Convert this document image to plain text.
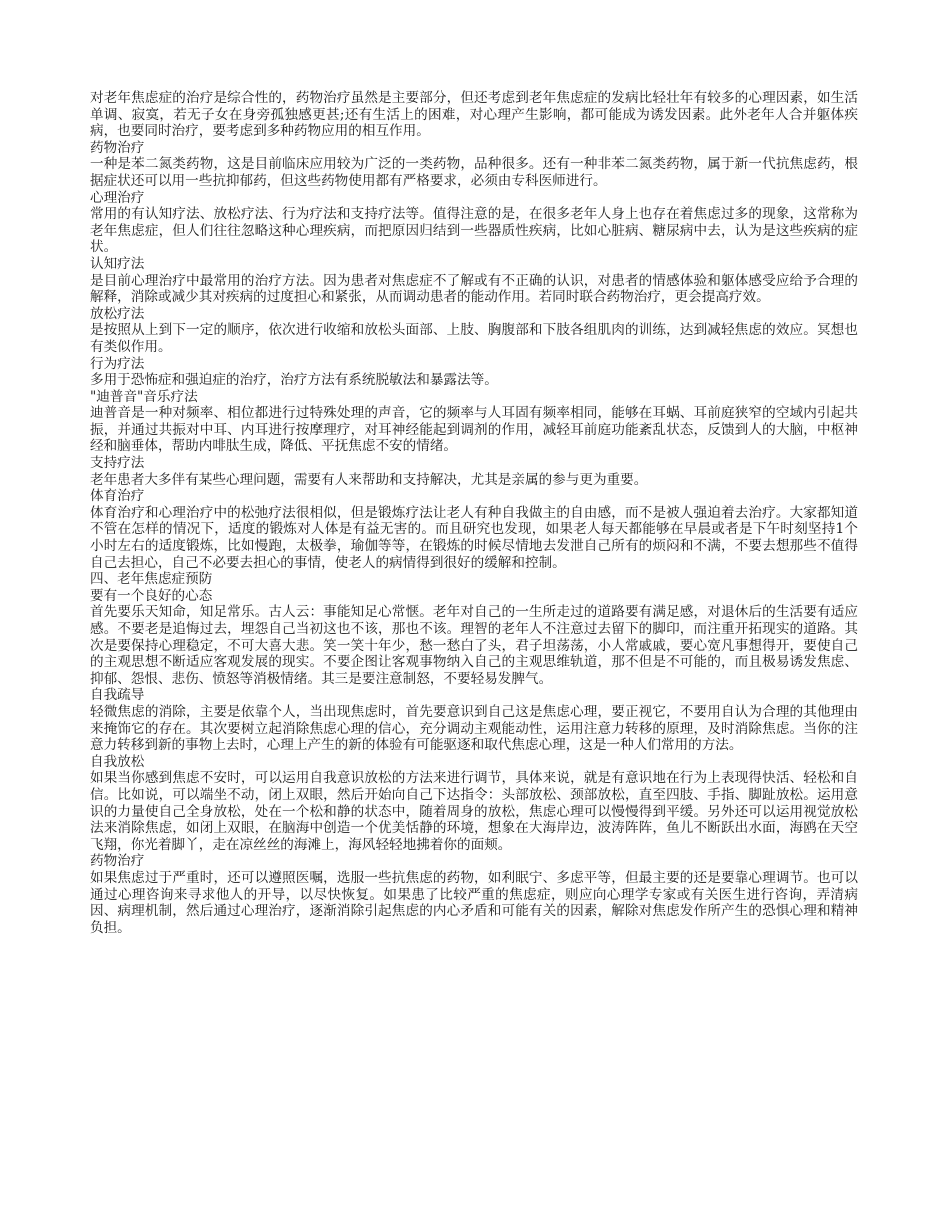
对老年焦虑症的治疗是综合性的，药物治疗虽然是主要部分，但还考虑到老年焦虑症的发病比轻壮年有较多的心理因素，如生活单调、寂寞，若无子女在身旁孤独感更甚;还有生活上的困难，对心理产生影响，都可能成为诱发因素。此外老年人合并躯体疾病，也要同时治疗，要考虑到多种药物应用的相互作用。

药物治疗

一种是苯二氮类药物，这是目前临床应用较为广泛的一类药物，品种很多。还有一种非苯二氮类药物，属于新一代抗焦虑药，根据症状还可以用一些抗抑郁药，但这些药物使用都有严格要求，必须由专科医师进行。

心理治疗

常用的有认知疗法、放松疗法、行为疗法和支持疗法等。值得注意的是，在很多老年人身上也存在着焦虑过多的现象，这常称为老年焦虑症，但人们往往忽略这种心理疾病，而把原因归结到一些器质性疾病，比如心脏病、糖尿病中去，认为是这些疾病的症状。

认知疗法

是目前心理治疗中最常用的治疗方法。因为患者对焦虑症不了解或有不正确的认识，对患者的情感体验和躯体感受应给予合理的解释，消除或减少其对疾病的过度担心和紧张，从而调动患者的能动作用。若同时联合药物治疗，更会提高疗效。

放松疗法

是按照从上到下一定的顺序，依次进行收缩和放松头面部、上肢、胸腹部和下肢各组肌肉的训练，达到减轻焦虑的效应。冥想也有类似作用。

行为疗法

多用于恐怖症和强迫症的治疗，治疗方法有系统脱敏法和暴露法等。

"迪普音"音乐疗法

迪普音是一种对频率、相位都进行过特殊处理的声音，它的频率与人耳固有频率相同，能够在耳蜗、耳前庭狭窄的空域内引起共振，并通过共振对中耳、内耳进行按摩理疗，对耳神经能起到调剂的作用，减轻耳前庭功能紊乱状态，反馈到人的大脑，中枢神经和脑垂体，帮助内啡肽生成，降低、平抚焦虑不安的情绪。

支持疗法

老年患者大多伴有某些心理问题，需要有人来帮助和支持解决，尤其是亲属的参与更为重要。

体育治疗

体育治疗和心理治疗中的松弛疗法很相似，但是锻炼疗法让老人有种自我做主的自由感，而不是被人强迫着去治疗。大家都知道不管在怎样的情况下，适度的锻炼对人体是有益无害的。而且研究也发现，如果老人每天都能够在早晨或者是下午时刻坚持1个小时左右的适度锻炼，比如慢跑，太极拳，瑜伽等等，在锻炼的时候尽情地去发泄自己所有的烦闷和不满，不要去想那些不值得自己去担心，自己不必要去担心的事情，使老人的病情得到很好的缓解和控制。

四、老年焦虑症预防

要有一个良好的心态

首先要乐天知命，知足常乐。古人云：事能知足心常惬。老年对自己的一生所走过的道路要有满足感，对退休后的生活要有适应感。不要老是追悔过去，埋怨自己当初这也不该，那也不该。理智的老年人不注意过去留下的脚印，而注重开拓现实的道路。其次是要保持心理稳定，不可大喜大悲。笑一笑十年少，愁一愁白了头，君子坦荡荡，小人常戚戚，要心宽凡事想得开，要使自己的主观思想不断适应客观发展的现实。不要企图让客观事物纳入自己的主观思维轨道，那不但是不可能的，而且极易诱发焦虑、抑郁、怨恨、悲伤、愤怒等消极情绪。其三是要注意制怒，不要轻易发脾气。

自我疏导

轻微焦虑的消除，主要是依靠个人，当出现焦虑时，首先要意识到自己这是焦虑心理，要正视它，不要用自认为合理的其他理由来掩饰它的存在。其次要树立起消除焦虑心理的信心，充分调动主观能动性，运用注意力转移的原理，及时消除焦虑。当你的注意力转移到新的事物上去时，心理上产生的新的体验有可能驱逐和取代焦虑心理，这是一种人们常用的方法。

自我放松

如果当你感到焦虑不安时，可以运用自我意识放松的方法来进行调节，具体来说，就是有意识地在行为上表现得快活、轻松和自信。比如说，可以端坐不动，闭上双眼，然后开始向自己下达指令：头部放松、颈部放松，直至四肢、手指、脚趾放松。运用意识的力量使自己全身放松，处在一个松和静的状态中，随着周身的放松，焦虑心理可以慢慢得到平缓。另外还可以运用视觉放松法来消除焦虑，如闭上双眼，在脑海中创造一个优美恬静的环境，想象在大海岸边，波涛阵阵，鱼儿不断跃出水面，海鸥在天空飞翔，你光着脚丫，走在凉丝丝的海滩上，海风轻轻地拂着你的面颊。

药物治疗

如果焦虑过于严重时，还可以遵照医嘱，选服一些抗焦虑的药物，如利眠宁、多虑平等，但最主要的还是要靠心理调节。也可以通过心理咨询来寻求他人的开导，以尽快恢复。如果患了比较严重的焦虑症，则应向心理学专家或有关医生进行咨询，弄清病因、病理机制，然后通过心理治疗，逐渐消除引起焦虑的内心矛盾和可能有关的因素，解除对焦虑发作所产生的恐惧心理和精神负担。
